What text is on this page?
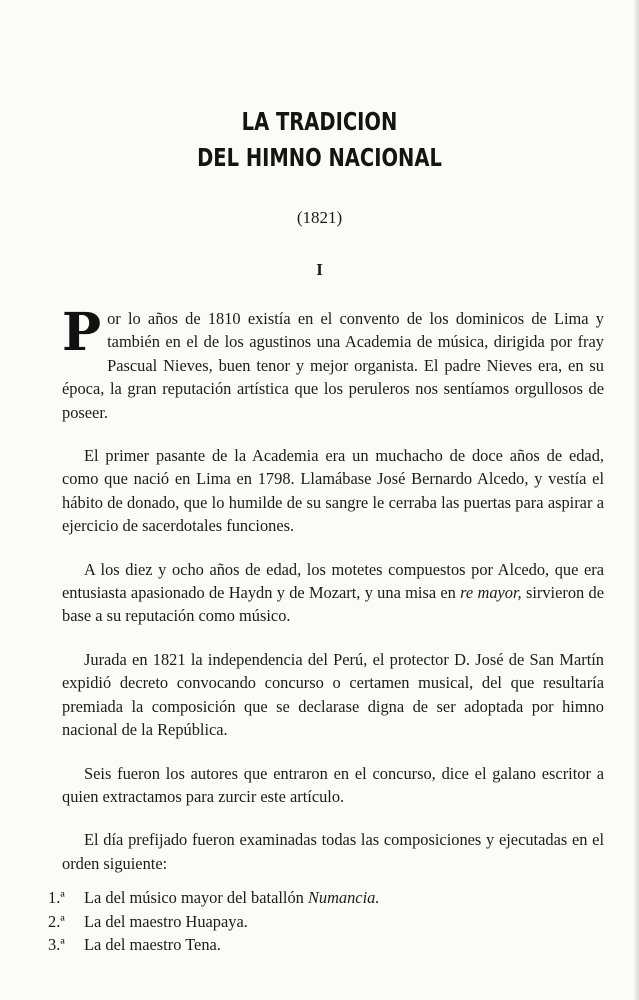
LA TRADICION
DEL HIMNO NACIONAL
(1821)
I

Por lo años de 1810 existía en el convento de los dominicos de Lima y también en el de los agustinos una Academia de música, dirigida por fray Pascual Nieves, buen tenor y mejor organista. El padre Nieves era, en su época, la gran reputación artística que los peruleros nos sentíamos orgullosos de poseer.

El primer pasante de la Academia era un muchacho de doce años de edad, como que nació en Lima en 1798. Llamábase José Bernardo Alcedo, y vestía el hábito de donado, que lo humilde de su sangre le cerraba las puertas para aspirar a ejercicio de sacerdotales funciones.

A los diez y ocho años de edad, los motetes compuestos por Alcedo, que era entusiasta apasionado de Haydn y de Mozart, y una misa en re mayor, sirvieron de base a su reputación como músico.

Jurada en 1821 la independencia del Perú, el protector D. José de San Martín expidió decreto convocando concurso o certamen musical, del que resultaría premiada la composición que se declarase digna de ser adoptada por himno nacional de la República.

Seis fueron los autores que entraron en el concurso, dice el galano escritor a quien extractamos para zurcir este artículo.

El día prefijado fueron examinadas todas las composiciones y ejecutadas en el orden siguiente:

1.ª	La del músico mayor del batallón Numancia.
2.ª	La del maestro Huapaya.
3.ª	La del maestro Tena.
